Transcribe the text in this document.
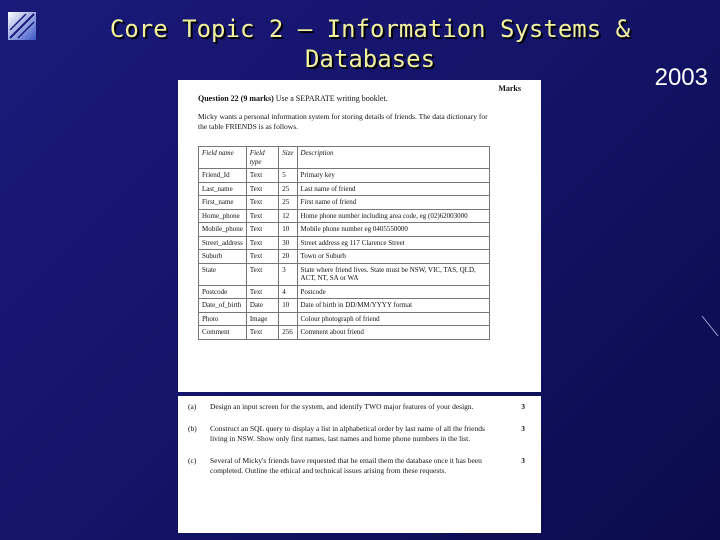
Core Topic 2 – Information Systems & Databases
2003
Marks
Question 22 (9 marks) Use a SEPARATE writing booklet.
Micky wants a personal information system for storing details of friends. The data dictionary for the table FRIENDS is as follows.
Field name	Field type	Size	Description
Friend_Id	Text	5	Primary key
Last_name	Text	25	Last name of friend
First_name	Text	25	First name of friend
Home_phone	Text	12	Home phone number including area code, eg (02)62003000
Mobile_phone	Text	10	Mobile phone number eg 0405550000
Street_address	Text	30	Street address eg 117 Clarence Street
Suburb	Text	20	Town or Suburb
State	Text	3	State where friend lives. State must be NSW, VIC, TAS, QLD, ACT, NT, SA or WA
Postcode	Text	4	Postcode
Date_of_birth	Date	10	Date of birth in DD/MM/YYYY format
Photo	Image		Colour photograph of friend
Comment	Text	256	Comment about friend
(a)	Design an input screen for the system, and identify TWO major features of your design.	3
(b)	Construct an SQL query to display a list in alphabetical order by last name of all the friends living in NSW. Show only first names, last names and home phone numbers in the list.
3
(c)	Several of Micky's friends have requested that he email them the database once it has been completed. Outline the ethical and technical issues arising from these requests.
3
